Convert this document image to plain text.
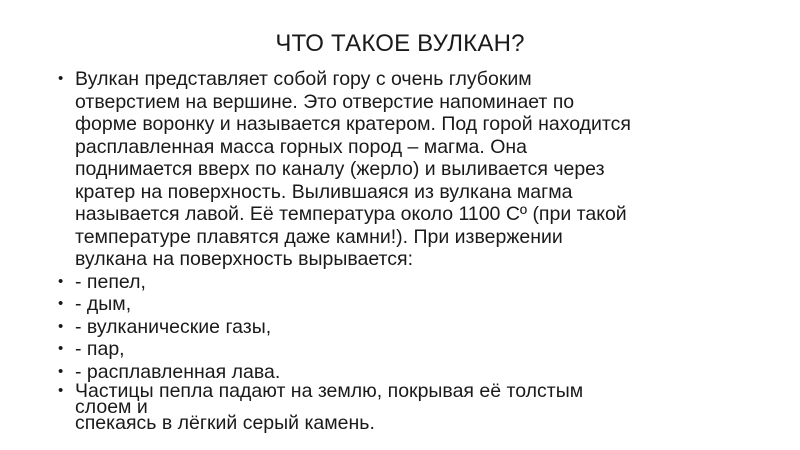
ЧТО ТАКОЕ ВУЛКАН?
• Вулкан представляет собой гору с очень глубоким
отверстием на вершине. Это отверстие напоминает по
форме воронку и называется кратером. Под горой находится
расплавленная масса горных пород – магма. Она
поднимается вверх по каналу (жерло) и выливается через
кратер на поверхность. Вылившаяся из вулкана магма
называется лавой. Её температура около 1100 Сº (при такой
температуре плавятся даже камни!). При извержении
вулкана на поверхность вырывается:
• - пепел,
• - дым,
• - вулканические газы,
• - пар,
• - расплавленная лава.
• Частицы пепла падают на землю, покрывая её толстым
слоем и
спекаясь в лёгкий серый камень.
